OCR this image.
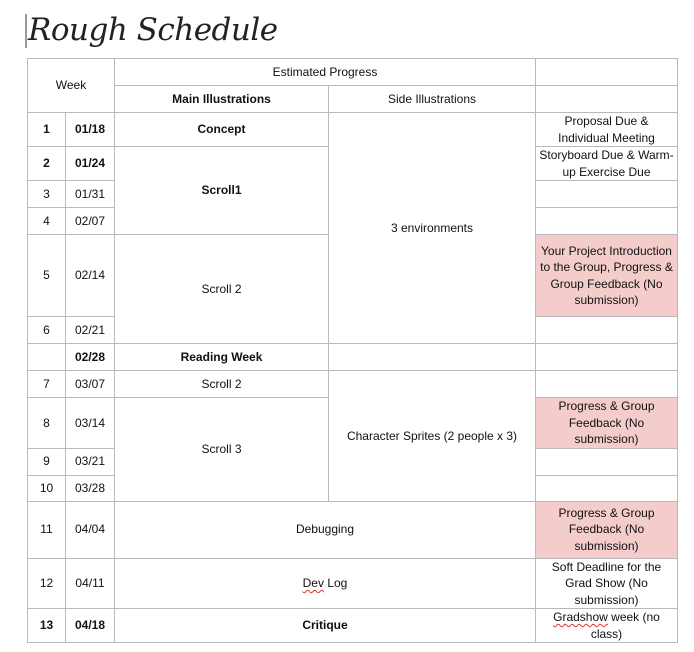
Rough Schedule
Week		Estimated Progress		
		Main Illustrations	Side Illustrations	
1	01/18	Concept	3 environments	Proposal Due & Individual Meeting
2	01/24	Scroll1		Storyboard Due & Warm-up Exercise Due
3	01/31			
4	02/07			
5	02/14	Scroll 2		Your Project Introduction to the Group, Progress & Group Feedback (No submission)
6	02/21			
	02/28	Reading Week		
7	03/07	Scroll 2	Character Sprites (2 people x 3)	
8	03/14	Scroll 3		Progress & Group Feedback (No submission)
9	03/21			
10	03/28			
11	04/04	Debugging		Progress & Group Feedback (No submission)
12	04/11	Dev Log		Soft Deadline for the Grad Show (No submission)
13	04/18	Critique		Gradshow week (no class)
